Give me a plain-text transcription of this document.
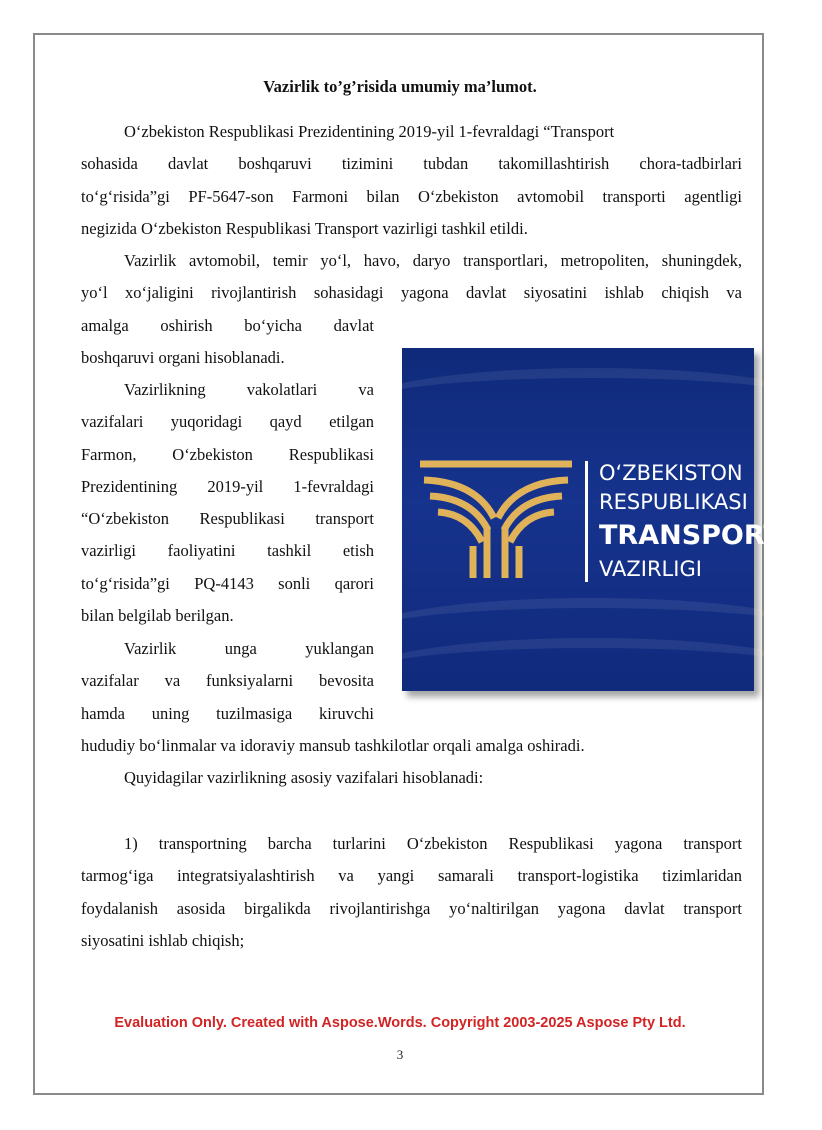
Vazirlik to’g’risida umumiy ma’lumot.

O‘zbekiston Respublikasi Prezidentining 2019-yil 1-fevraldagi “Transport
sohasida davlat boshqaruvi tizimini tubdan takomillashtirish chora-tadbirlari
to‘g‘risida”gi PF-5647-son Farmoni bilan O‘zbekiston avtomobil transporti agentligi
negizida O‘zbekiston Respublikasi Transport vazirligi tashkil etildi.

Vazirlik avtomobil, temir yo‘l, havo, daryo transportlari, metropoliten, shuningdek,
yo‘l xo‘jaligini rivojlantirish sohasidagi yagona davlat siyosatini ishlab chiqish va
amalga oshirish bo‘yicha davlat
boshqaruvi organi hisoblanadi.
Vazirlikning vakolatlari va
vazifalari yuqoridagi qayd etilgan
Farmon, O‘zbekiston Respublikasi
Prezidentining 2019-yil 1-fevraldagi
“O‘zbekiston Respublikasi transport
vazirligi faoliyatini tashkil etish
to‘g‘risida”gi PQ-4143 sonli qarori
bilan belgilab berilgan.
Vazirlik unga yuklangan
vazifalar va funksiyalarni bevosita
hamda uning tuzilmasiga kiruvchi
hududiy bo‘linmalar va idoraviy mansub tashkilotlar orqali amalga oshiradi.
Quyidagilar vazirlikning asosiy vazifalari hisoblanadi:
1) transportning barcha turlarini O‘zbekiston Respublikasi yagona transport
tarmog‘iga integratsiyalashtirish va yangi samarali transport-logistika tizimlaridan
foydalanish asosida birgalikda rivojlantirishga yo‘naltirilgan yagona davlat transport
siyosatini ishlab chiqish;
O‘ZBEKISTON
RESPUBLIKASI
TRANSPORT
VAZIRLIGI
Evaluation Only. Created with Aspose.Words. Copyright 2003-2025 Aspose Pty Ltd.
3
